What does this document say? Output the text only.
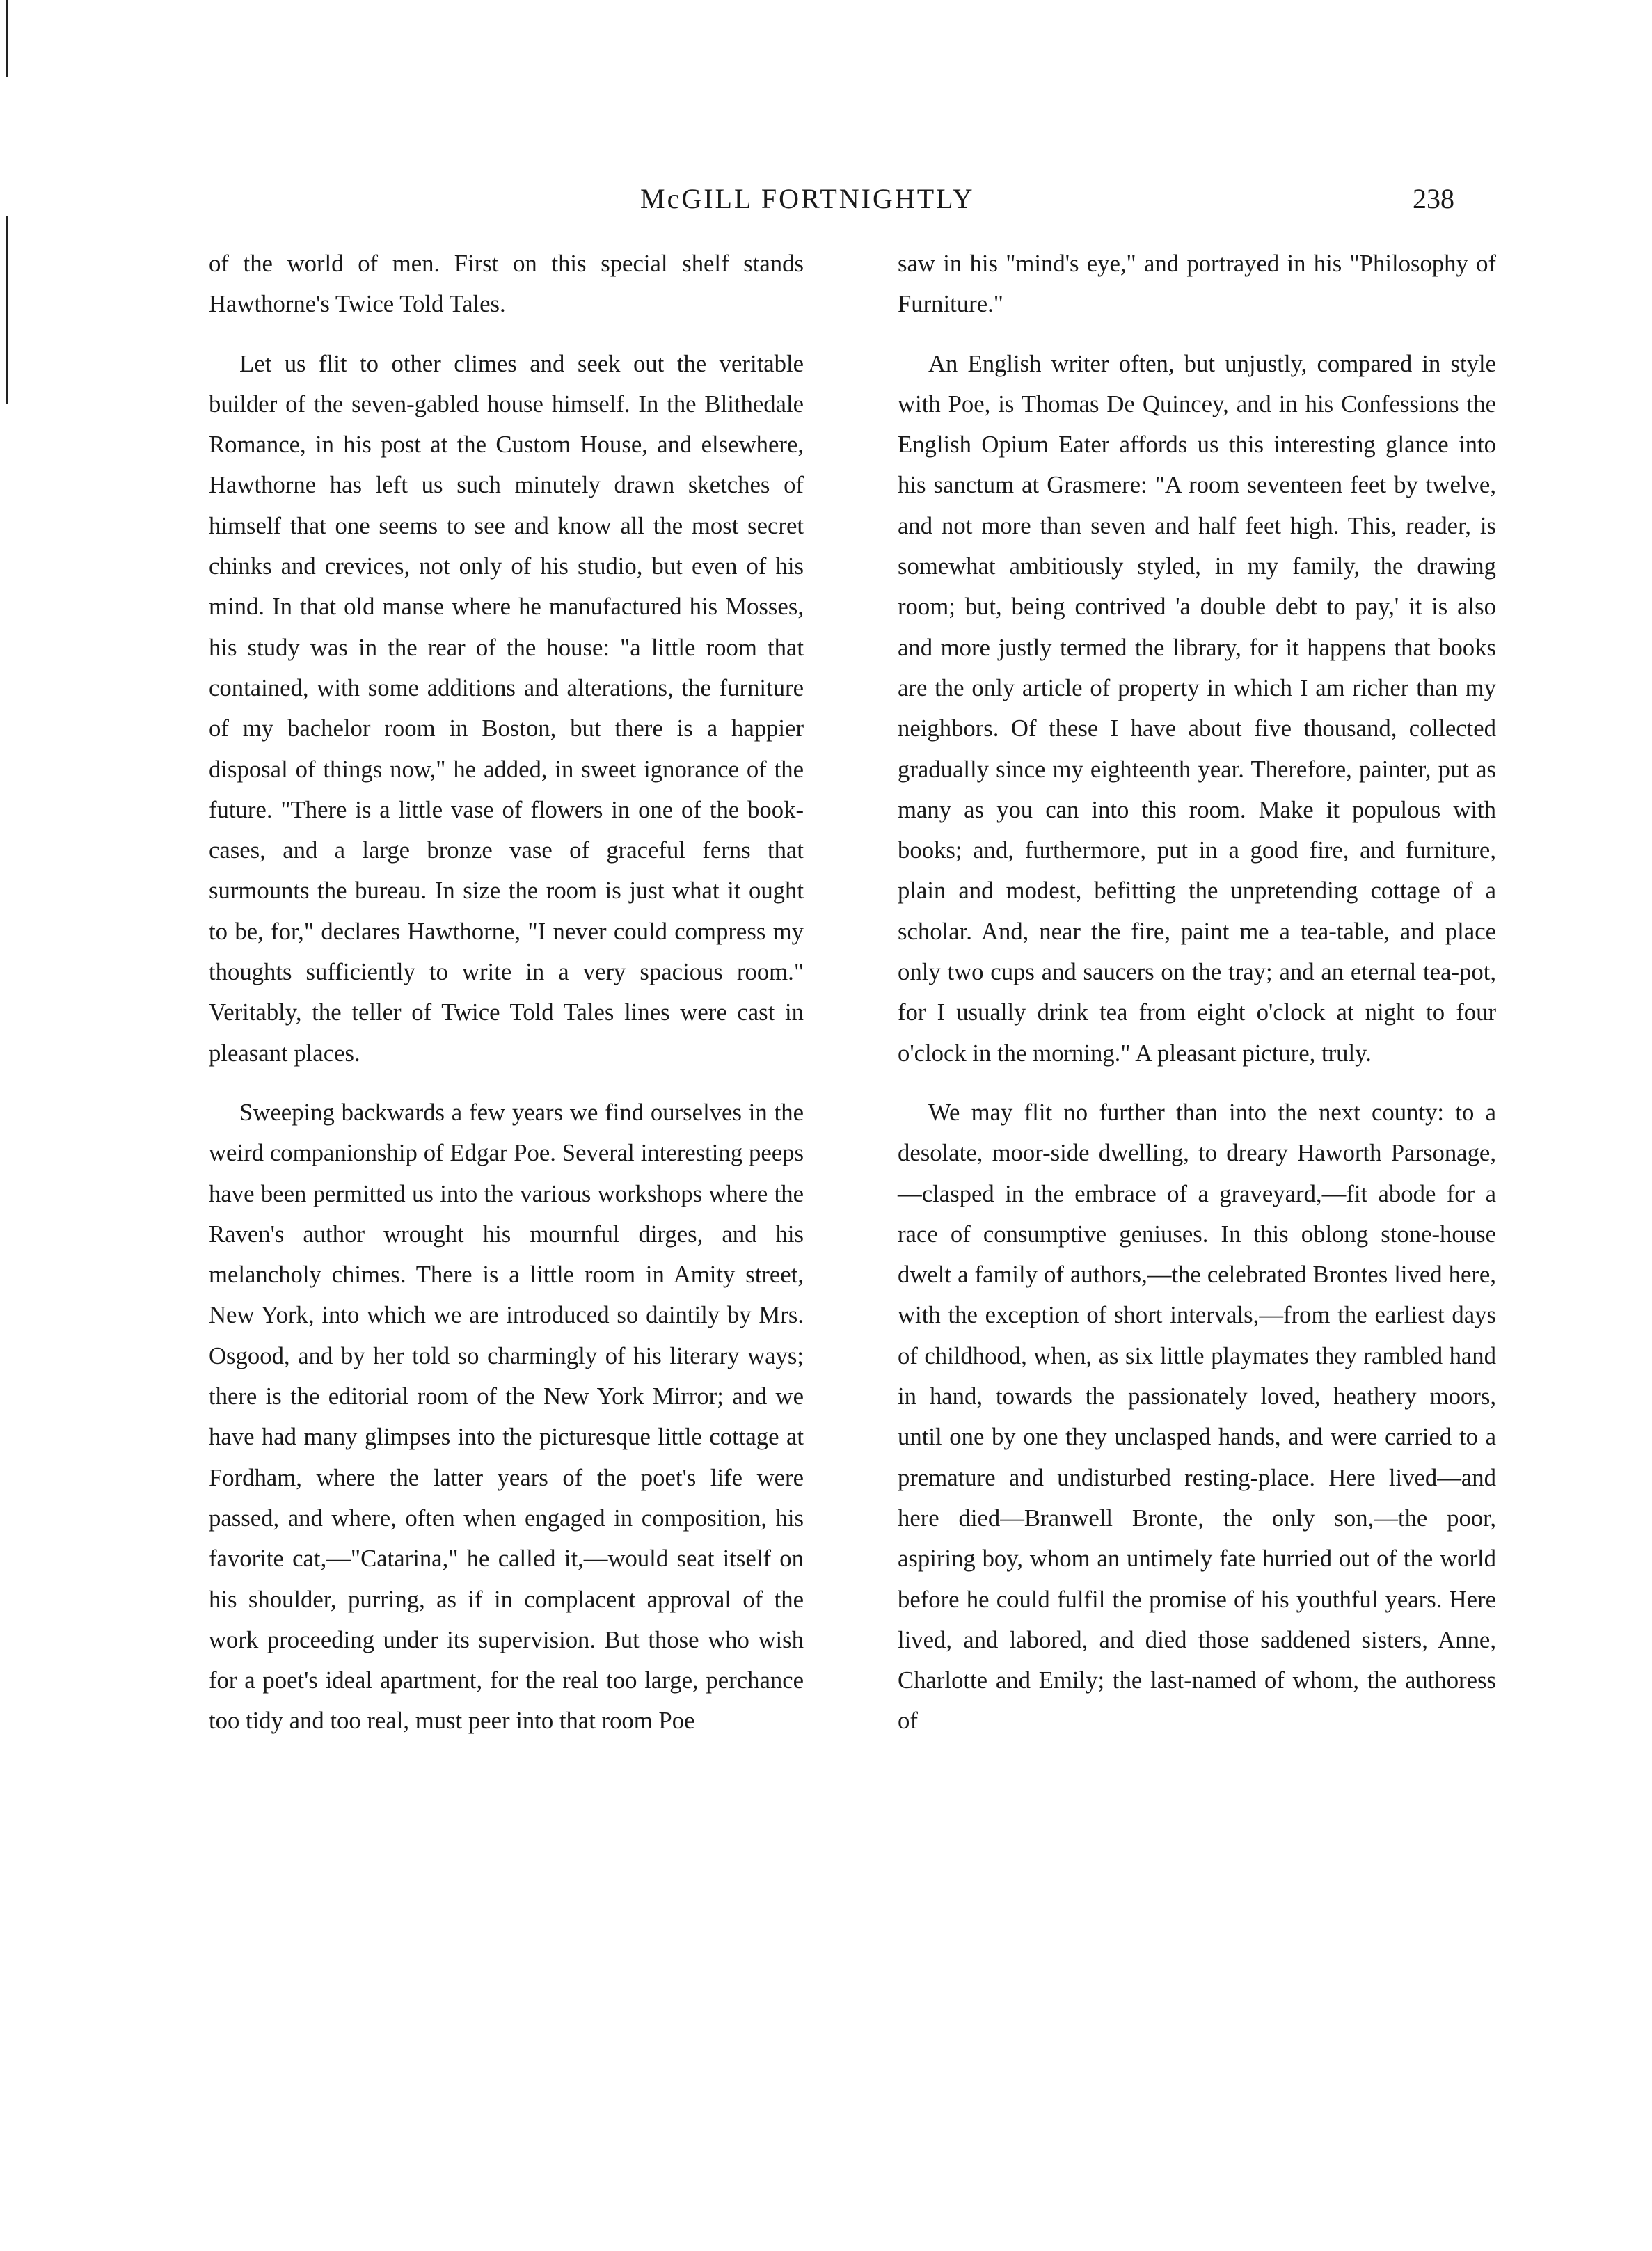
McGILL FORTNIGHTLY	238

of the world of men. First on this special shelf stands Hawthorne's Twice Told Tales.

Let us flit to other climes and seek out the veritable builder of the seven-gabled house himself. In the Blithedale Romance, in his post at the Custom House, and elsewhere, Hawthorne has left us such minutely drawn sketches of himself that one seems to see and know all the most secret chinks and crevices, not only of his studio, but even of his mind. In that old manse where he manufactured his Mosses, his study was in the rear of the house: "a little room that contained, with some additions and alterations, the furniture of my bachelor room in Boston, but there is a happier disposal of things now," he added, in sweet ignorance of the future. "There is a little vase of flowers in one of the book-cases, and a large bronze vase of graceful ferns that surmounts the bureau. In size the room is just what it ought to be, for," declares Hawthorne, "I never could compress my thoughts sufficiently to write in a very spacious room." Veritably, the teller of Twice Told Tales lines were cast in pleasant places.

Sweeping backwards a few years we find ourselves in the weird companionship of Edgar Poe. Several interesting peeps have been permitted us into the various workshops where the Raven's author wrought his mournful dirges, and his melancholy chimes. There is a little room in Amity street, New York, into which we are introduced so daintily by Mrs. Osgood, and by her told so charmingly of his literary ways; there is the editorial room of the New York Mirror; and we have had many glimpses into the picturesque little cottage at Fordham, where the latter years of the poet's life were passed, and where, often when engaged in composition, his favorite cat,—"Catarina," he called it,—would seat itself on his shoulder, purring, as if in complacent approval of the work proceeding under its supervision. But those who wish for a poet's ideal apartment, for the real too large, perchance too tidy and too real, must peer into that room Poe

saw in his "mind's eye," and portrayed in his "Philosophy of Furniture."

An English writer often, but unjustly, compared in style with Poe, is Thomas De Quincey, and in his Confessions the English Opium Eater affords us this interesting glance into his sanctum at Grasmere: "A room seventeen feet by twelve, and not more than seven and half feet high. This, reader, is somewhat ambitiously styled, in my family, the drawing room; but, being contrived 'a double debt to pay,' it is also and more justly termed the library, for it happens that books are the only article of property in which I am richer than my neighbors. Of these I have about five thousand, collected gradually since my eighteenth year. Therefore, painter, put as many as you can into this room. Make it populous with books; and, furthermore, put in a good fire, and furniture, plain and modest, befitting the unpretending cottage of a scholar. And, near the fire, paint me a tea-table, and place only two cups and saucers on the tray; and an eternal tea-pot, for I usually drink tea from eight o'clock at night to four o'clock in the morning." A pleasant picture, truly.

We may flit no further than into the next county: to a desolate, moor-side dwelling, to dreary Haworth Parsonage,—clasped in the embrace of a graveyard,—fit abode for a race of consumptive geniuses. In this oblong stone-house dwelt a family of authors,—the celebrated Brontes lived here, with the exception of short intervals,—from the earliest days of childhood, when, as six little playmates they rambled hand in hand, towards the passionately loved, heathery moors, until one by one they unclasped hands, and were carried to a premature and undisturbed resting-place. Here lived—and here died—Branwell Bronte, the only son,—the poor, aspiring boy, whom an untimely fate hurried out of the world before he could fulfil the promise of his youthful years. Here lived, and labored, and died those saddened sisters, Anne, Charlotte and Emily; the last-named of whom, the authoress of
